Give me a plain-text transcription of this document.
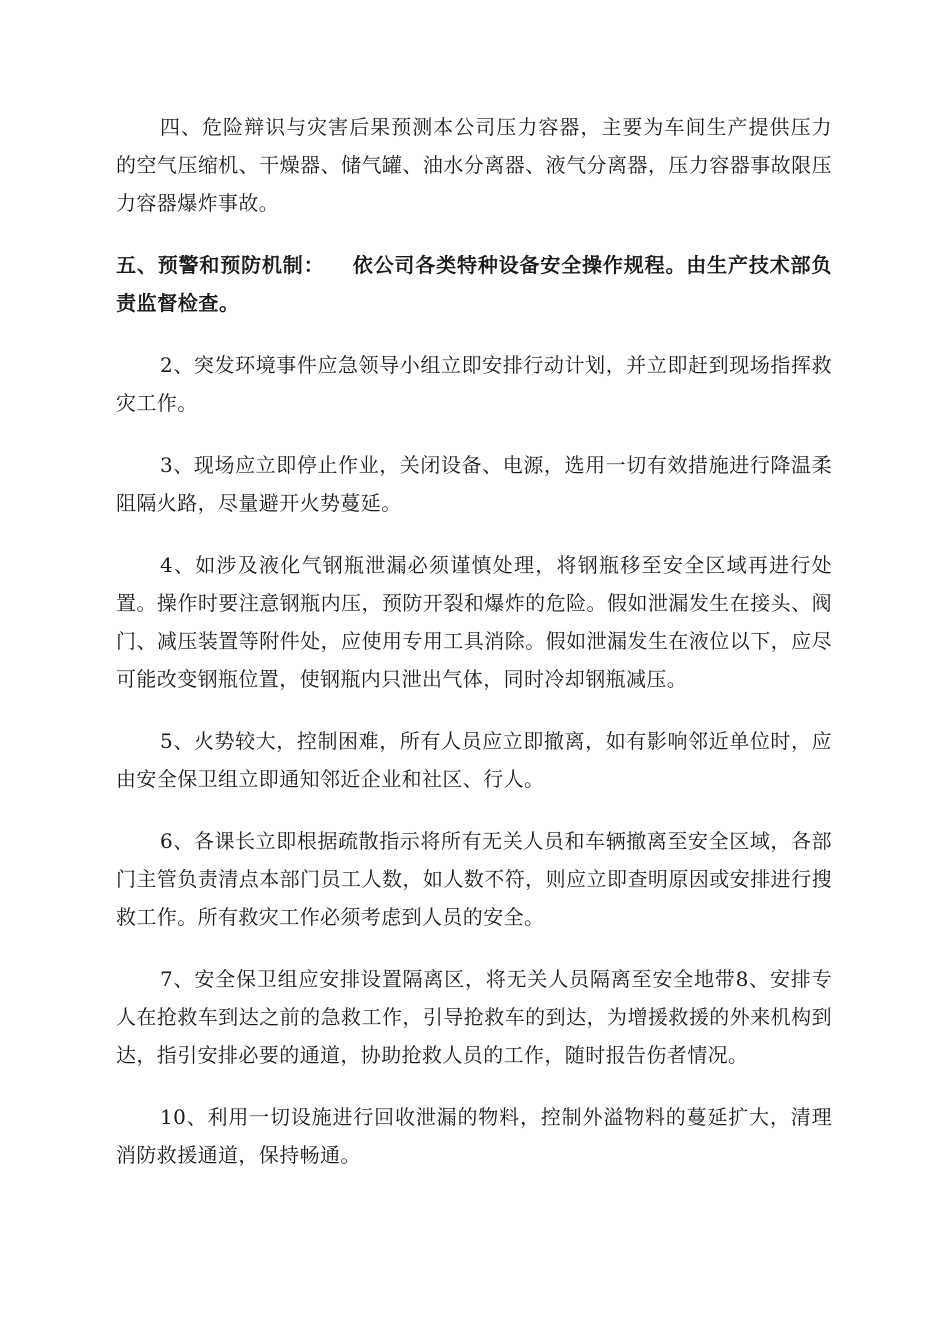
四、危险辩识与灾害后果预测本公司压力容器，主要为车间生产提供压力的空气压缩机、干燥器、储气罐、油水分离器、液气分离器，压力容器事故限压力容器爆炸事故。

五、预警和预防机制： 依公司各类特种设备安全操作规程。由生产技术部负责监督检查。

2、突发环境事件应急领导小组立即安排行动计划，并立即赶到现场指挥救灾工作。

3、现场应立即停止作业，关闭设备、电源，选用一切有效措施进行降温柔阻隔火路，尽量避开火势蔓延。

4、如涉及液化气钢瓶泄漏必须谨慎处理，将钢瓶移至安全区域再进行处置。操作时要注意钢瓶内压，预防开裂和爆炸的危险。假如泄漏发生在接头、阀门、减压装置等附件处，应使用专用工具消除。假如泄漏发生在液位以下，应尽可能改变钢瓶位置，使钢瓶内只泄出气体，同时冷却钢瓶减压。

5、火势较大，控制困难，所有人员应立即撤离，如有影响邻近单位时，应由安全保卫组立即通知邻近企业和社区、行人。

6、各课长立即根据疏散指示将所有无关人员和车辆撤离至安全区域，各部门主管负责清点本部门员工人数，如人数不符，则应立即查明原因或安排进行搜救工作。所有救灾工作必须考虑到人员的安全。

7、安全保卫组应安排设置隔离区，将无关人员隔离至安全地带8、安排专人在抢救车到达之前的急救工作，引导抢救车的到达，为增援救援的外来机构到达，指引安排必要的通道，协助抢救人员的工作，随时报告伤者情况。

10、利用一切设施进行回收泄漏的物料，控制外溢物料的蔓延扩大，清理消防救援通道，保持畅通。
